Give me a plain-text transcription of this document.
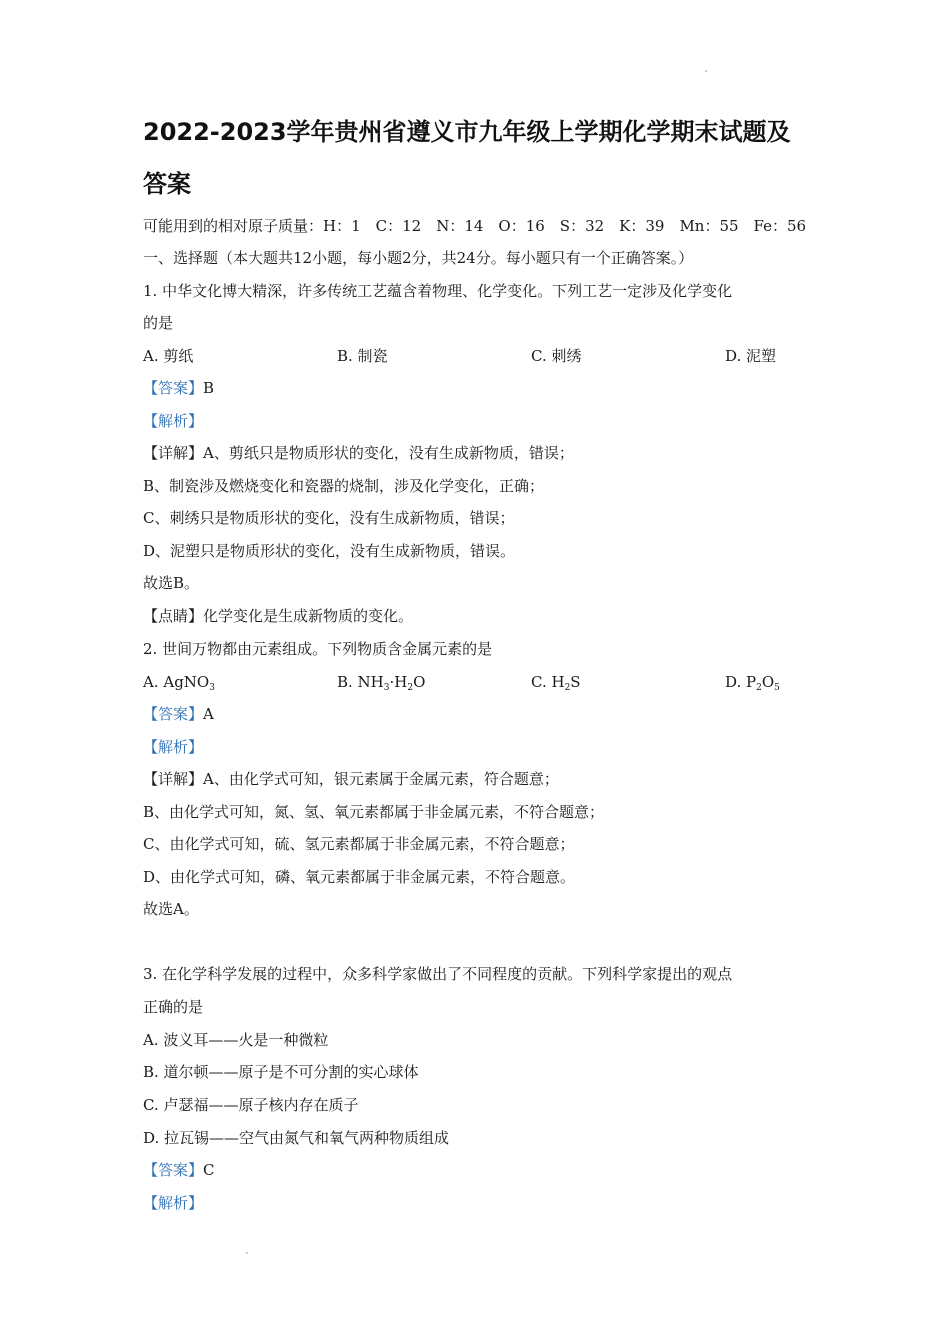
2022-2023学年贵州省遵义市九年级上学期化学期末试题及
答案
可能用到的相对原子质量：H：1　C：12　N：14　O：16　S：32　K：39　Mn：55　Fe：56
一、选择题（本大题共12小题，每小题2分，共24分。每小题只有一个正确答案。）
1. 中华文化博大精深，许多传统工艺蕴含着物理、化学变化。下列工艺一定涉及化学变化
的是
A. 剪纸	B. 制瓷	C. 刺绣	D. 泥塑
【答案】B
【解析】
【详解】A、剪纸只是物质形状的变化，没有生成新物质，错误；
B、制瓷涉及燃烧变化和瓷器的烧制，涉及化学变化，正确；
C、刺绣只是物质形状的变化，没有生成新物质，错误；
D、泥塑只是物质形状的变化，没有生成新物质，错误。
故选B。
【点睛】化学变化是生成新物质的变化。
2. 世间万物都由元素组成。下列物质含金属元素的是
A. AgNO$_3$	B. $NH_3\cdot H_2O$	C. $H_2S$	D. $P_2O_5$
【答案】A
【解析】
【详解】A、由化学式可知，银元素属于金属元素，符合题意；
B、由化学式可知，氮、氢、氧元素都属于非金属元素，不符合题意；
C、由化学式可知，硫、氢元素都属于非金属元素，不符合题意；
D、由化学式可知，磷、氧元素都属于非金属元素，不符合题意。
故选A。
3. 在化学科学发展的过程中，众多科学家做出了不同程度的贡献。下列科学家提出的观点
正确的是
A. 波义耳——火是一种微粒
B. 道尔顿——原子是不可分割的实心球体
C. 卢瑟福——原子核内存在质子
D. 拉瓦锡——空气由氮气和氧气两种物质组成
【答案】C
【解析】
